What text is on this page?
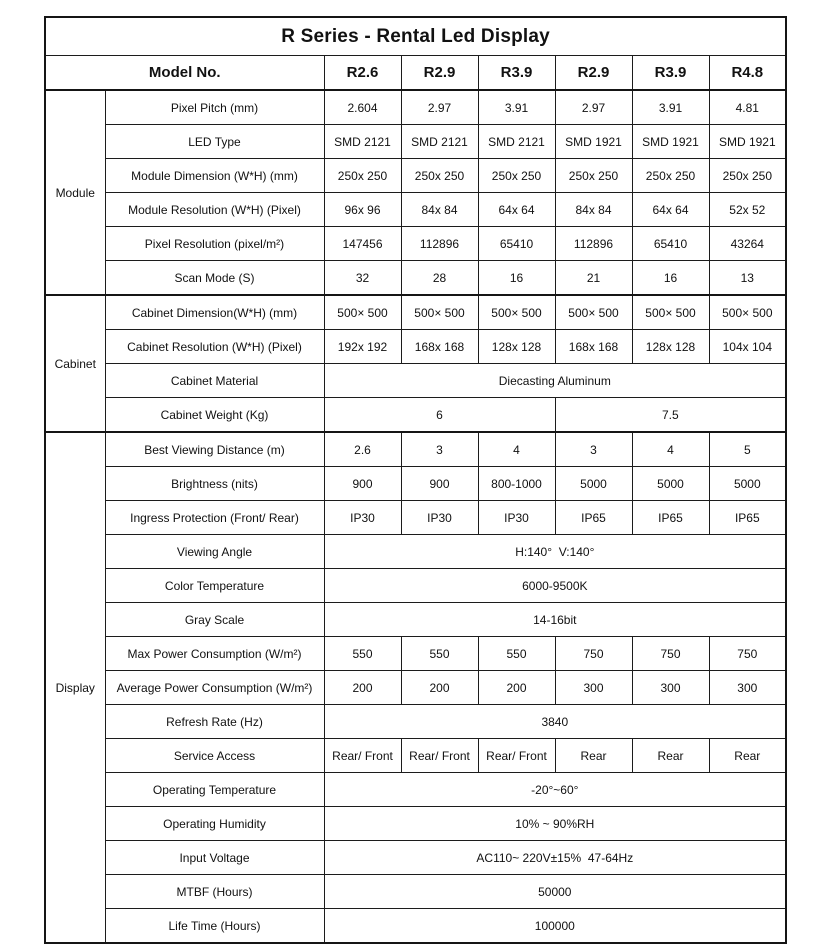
R Series - Rental Led Display							
Model No.		R2.6	R2.9	R3.9	R2.9	R3.9	R4.8
Module	Pixel Pitch (mm)	2.604	2.97	3.91	2.97	3.91	4.81
	LED Type	SMD 2121	SMD 2121	SMD 2121	SMD 1921	SMD 1921	SMD 1921
	Module Dimension (W*H) (mm)	250x 250	250x 250	250x 250	250x 250	250x 250	250x 250
	Module Resolution (W*H) (Pixel)	96x 96	84x 84	64x 64	84x 84	64x 64	52x 52
	Pixel Resolution (pixel/m²)	147456	112896	65410	112896	65410	43264
	Scan Mode (S)	32	28	16	21	16	13
Cabinet	Cabinet Dimension(W*H) (mm)	500× 500	500× 500	500× 500	500× 500	500× 500	500× 500
	Cabinet Resolution (W*H) (Pixel)	192x 192	168x 168	128x 128	168x 168	128x 128	104x 104
	Cabinet Material	Diecasting Aluminum					
	Cabinet Weight (Kg)	6			7.5		
Display	Best Viewing Distance (m)	2.6	3	4	3	4	5
	Brightness (nits)	900	900	800-1000	5000	5000	5000
	Ingress Protection (Front/ Rear)	IP30	IP30	IP30	IP65	IP65	IP65
	Viewing Angle	H:140°  V:140°					
	Color Temperature	6000-9500K					
	Gray Scale	14-16bit					
	Max Power Consumption (W/m²)	550	550	550	750	750	750
	Average Power Consumption (W/m²)	200	200	200	300	300	300
	Refresh Rate (Hz)	3840					
	Service Access	Rear/ Front	Rear/ Front	Rear/ Front	Rear	Rear	Rear
	Operating Temperature	-20°~60°					
	Operating Humidity	10% ~ 90%RH					
	Input Voltage	AC110~ 220V±15%  47-64Hz					
	MTBF (Hours)	50000					
	Life Time (Hours)	100000					
